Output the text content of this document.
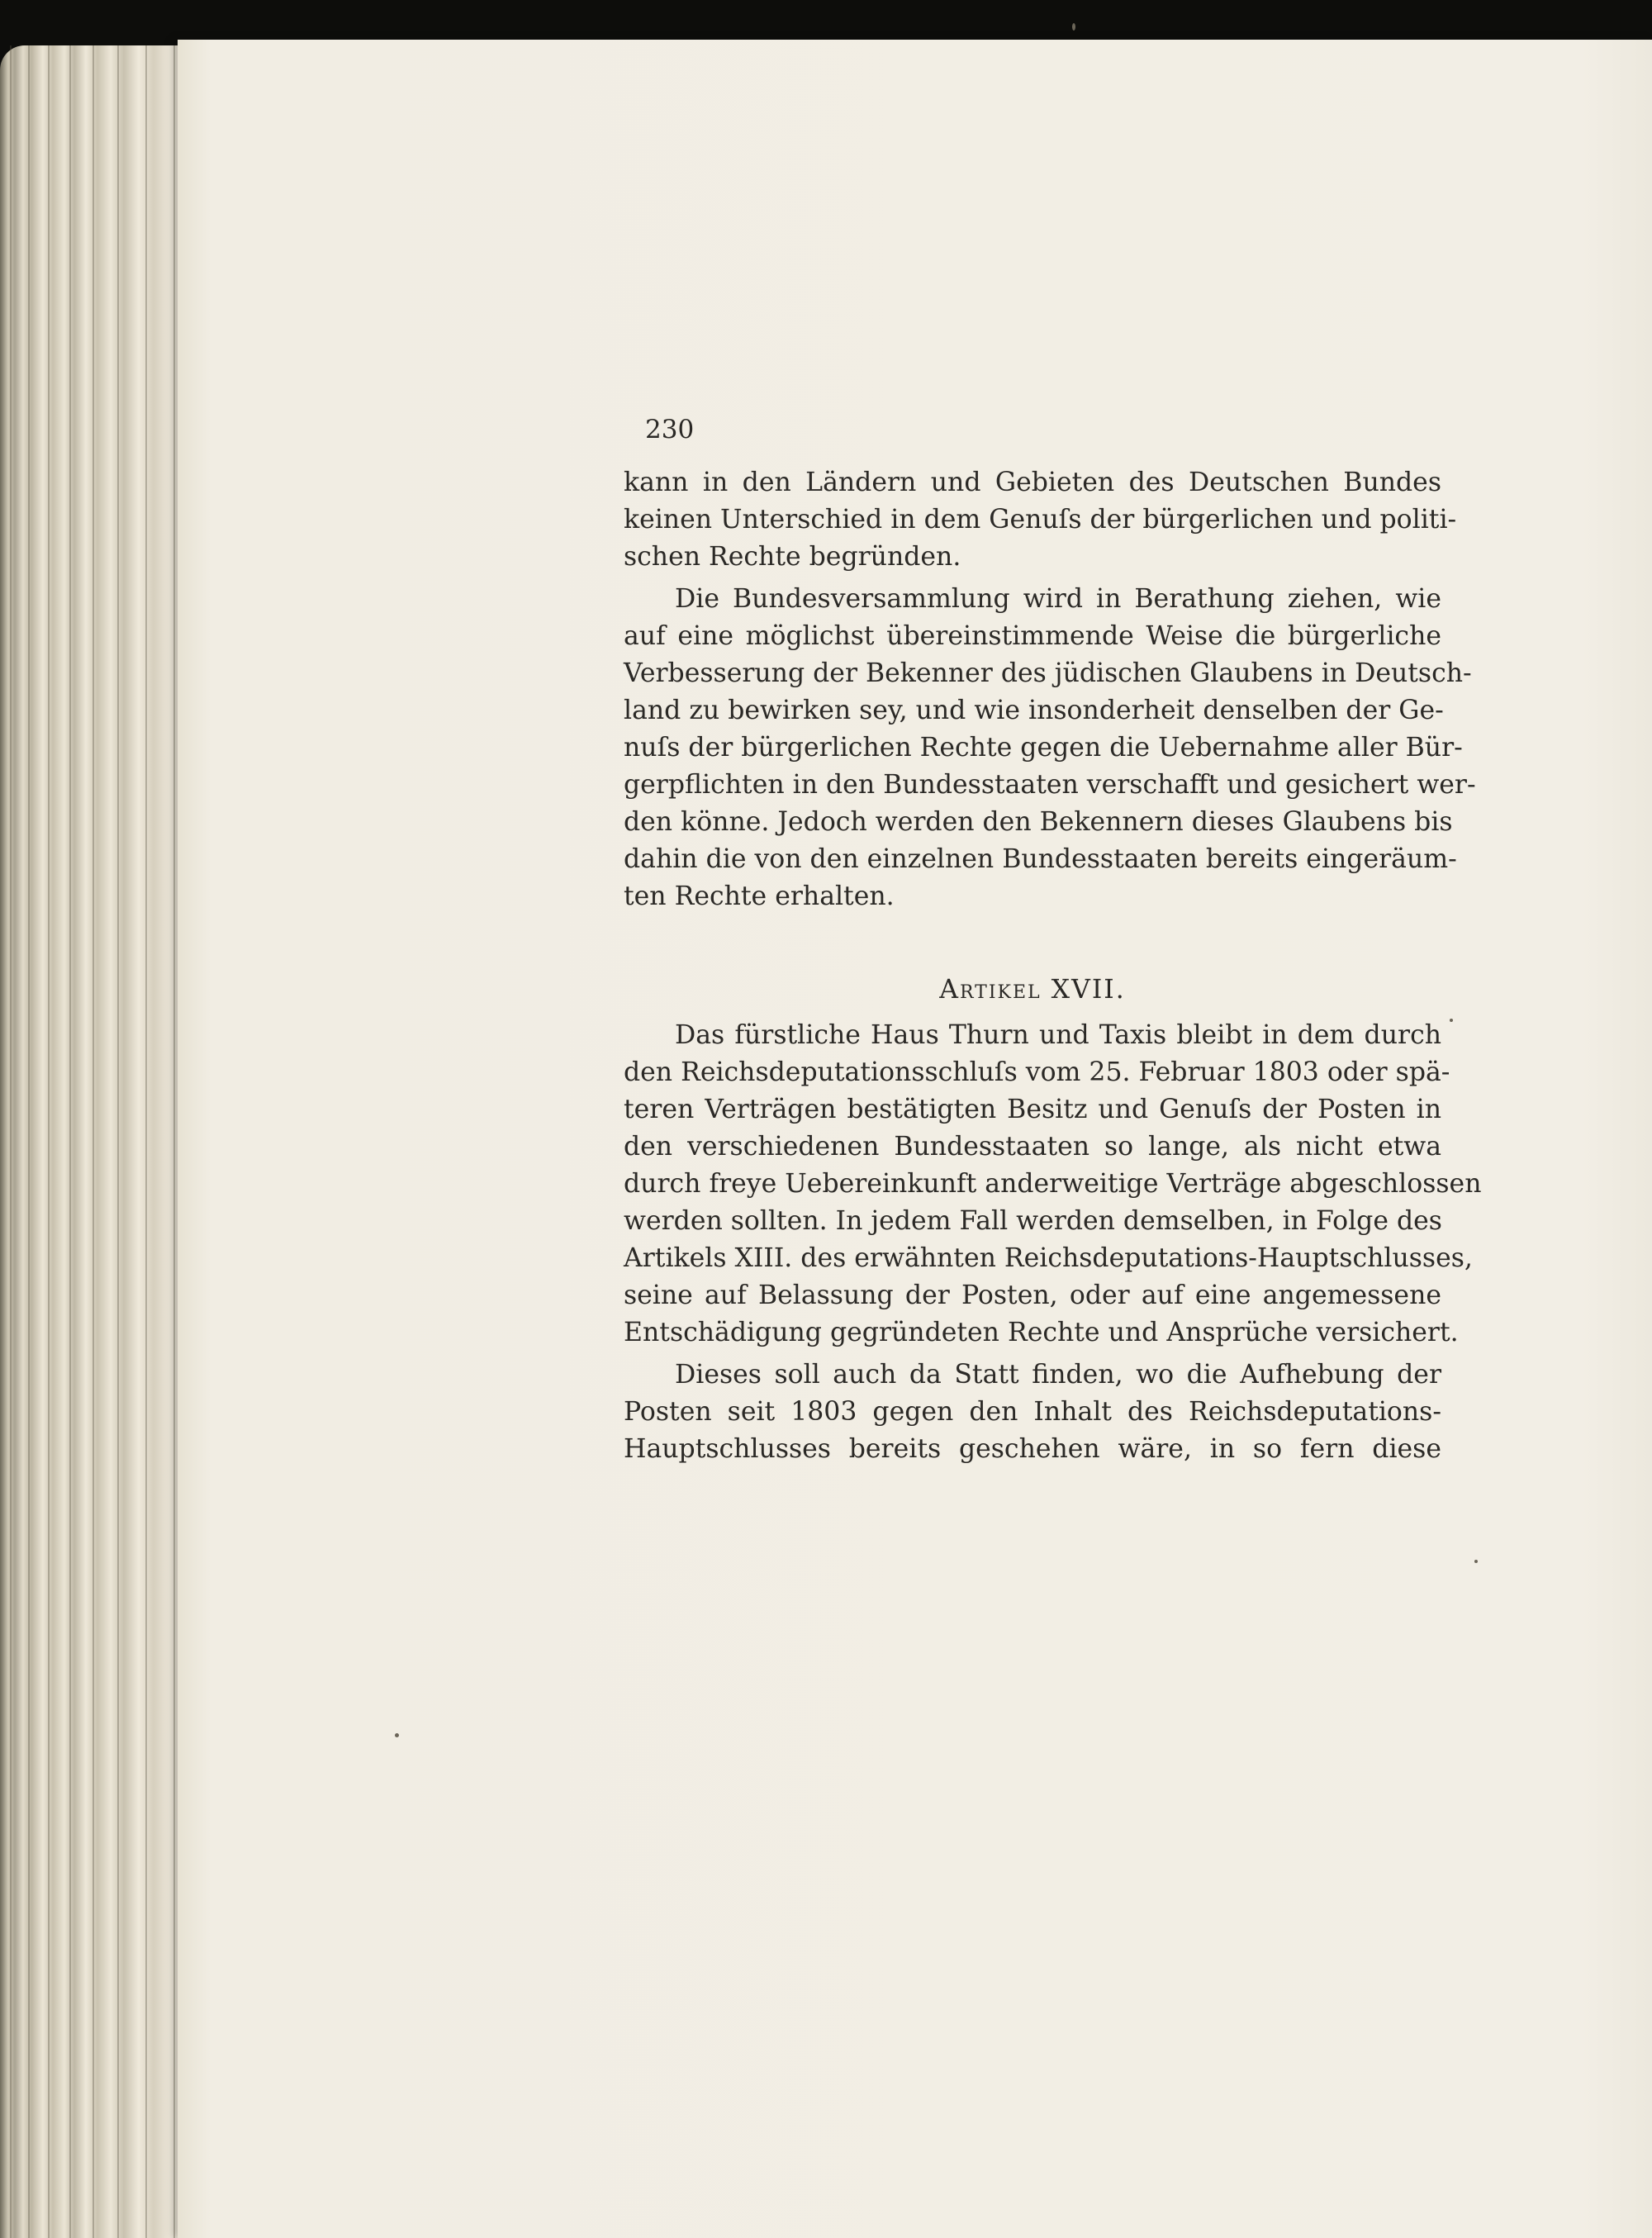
230

kann in den Ländern und Gebieten des Deutschen Bundes
keinen Unterschied in dem Genuſs der bürgerlichen und politi-
schen Rechte begründen.

Die Bundesversammlung wird in Berathung ziehen, wie
auf eine möglichst übereinstimmende Weise die bürgerliche
Verbesserung der Bekenner des jüdischen Glaubens in Deutsch-
land zu bewirken sey, und wie insonderheit denselben der Ge-
nuſs der bürgerlichen Rechte gegen die Uebernahme aller Bür-
gerpflichten in den Bundesstaaten verschafft und gesichert wer-
den könne. Jedoch werden den Bekennern dieses Glaubens bis
dahin die von den einzelnen Bundesstaaten bereits eingeräum-
ten Rechte erhalten.

Artikel XVII.

Das fürstliche Haus Thurn und Taxis bleibt in dem durch
den Reichsdeputationsschluſs vom 25. Februar 1803 oder spä-
teren Verträgen bestätigten Besitz und Genuſs der Posten in
den verschiedenen Bundesstaaten so lange, als nicht etwa
durch freye Uebereinkunft anderweitige Verträge abgeschlossen
werden sollten. In jedem Fall werden demselben, in Folge des
Artikels XIII. des erwähnten Reichsdeputations-Hauptschlusses,
seine auf Belassung der Posten, oder auf eine angemessene
Entschädigung gegründeten Rechte und Ansprüche versichert.

Dieses soll auch da Statt finden, wo die Aufhebung der
Posten seit 1803 gegen den Inhalt des Reichsdeputations-
Hauptschlusses bereits geschehen wäre, in so fern diese
